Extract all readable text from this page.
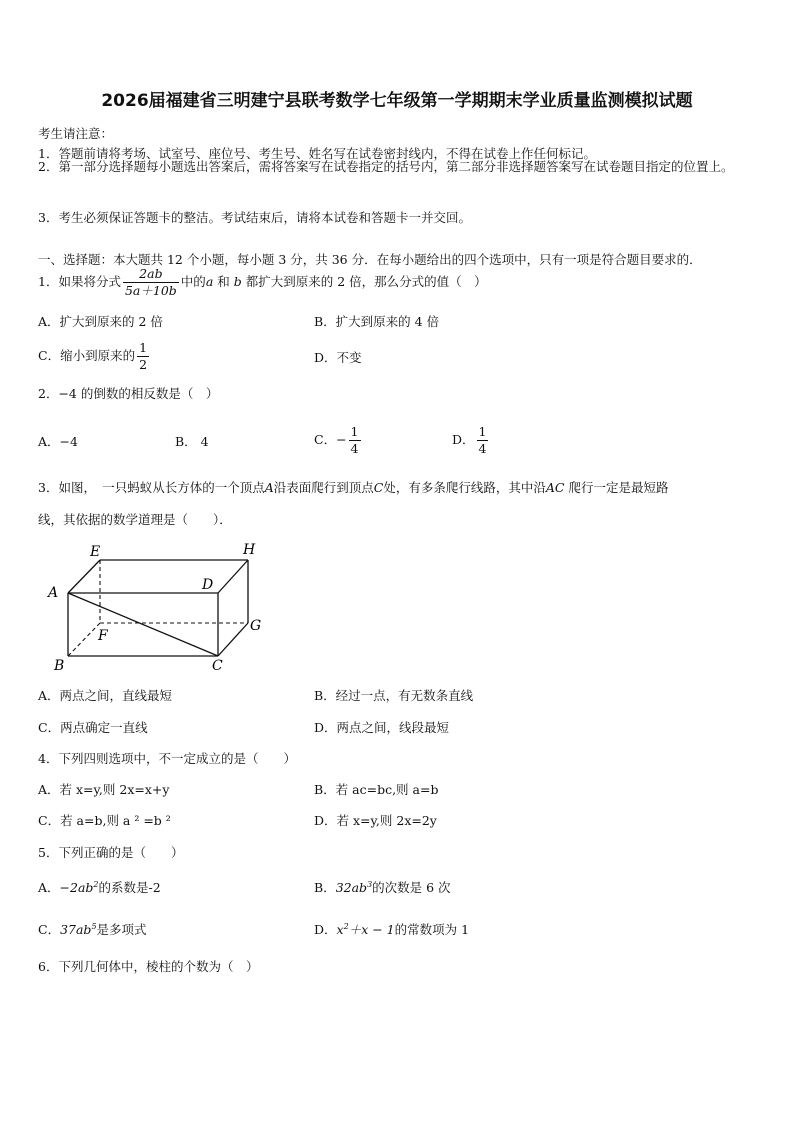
2026届福建省三明建宁县联考数学七年级第一学期期末学业质量监测模拟试题
考生请注意：
1．答题前请将考场、试室号、座位号、考生号、姓名写在试卷密封线内，不得在试卷上作任何标记。
2．第一部分选择题每小题选出答案后，需将答案写在试卷指定的括号内，第二部分非选择题答案写在试卷题目指定的位置上。
3．考生必须保证答题卡的整洁。考试结束后，请将本试卷和答题卡一并交回。
一、选择题：本大题共 12 个小题，每小题 3 分，共 36 分．在每小题给出的四个选项中，只有一项是符合题目要求的．
1．如果将分式 $\frac{2ab}{5a+10b}$ 中的a 和 b 都扩大到原来的 2 倍，那么分式的值（　）
A．扩大到原来的 2 倍	B．扩大到原来的 4 倍
C．缩小到原来的 $\frac{1}{2}$	D．不变
2．−4 的倒数的相反数是（　）
A．−4	B． 4	C．− $\frac{1}{4}$	D． $\frac{1}{4}$
3．如图，　一只蚂蚁从长方体的一个顶点A沿表面爬行到顶点C处，有多条爬行线路，其中沿AC 爬行一定是最短路
线，其依据的数学道理是（　　）．
A
B	C
D
E
F
G
H
A．两点之间，直线最短	B．经过一点，有无数条直线
C．两点确定一直线	D．两点之间，线段最短
4．下列四则选项中，不一定成立的是（　　）
A．若 x=y,则 2x=x+y	B．若 ac=bc,则 a=b
C．若 a=b,则 a ² =b ²	D．若 x=y,则 2x=2y
5．下列正确的是（　　）
A．$-2ab^2$的系数是-2	B．$32ab^3$的次数是 6 次
C．$37ab^5$是多项式	D．$x^2+x - 1$的常数项为 1
6．下列几何体中，棱柱的个数为（　）
